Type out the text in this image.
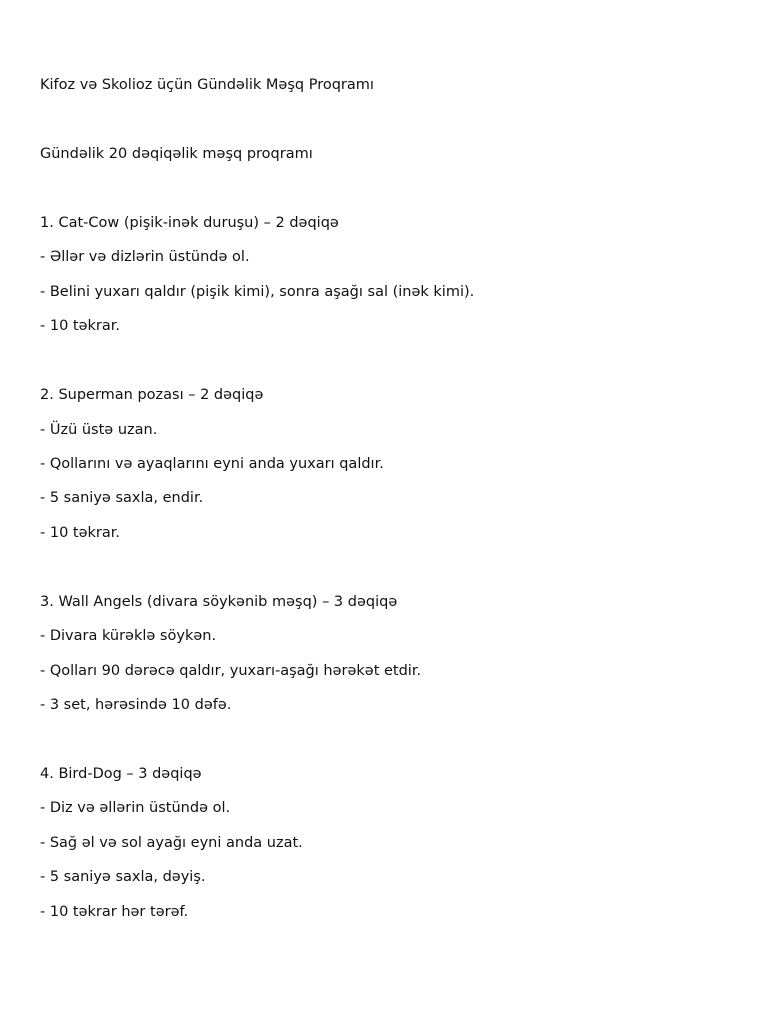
Kifoz və Skolioz üçün Gündəlik Məşq Proqramı

Gündəlik 20 dəqiqəlik məşq proqramı

1. Cat-Cow (pişik-inək duruşu) – 2 dəqiqə

- Əllər və dizlərin üstündə ol.

- Belini yuxarı qaldır (pişik kimi), sonra aşağı sal (inək kimi).

- 10 təkrar.

2. Superman pozası – 2 dəqiqə

- Üzü üstə uzan.

- Qollarını və ayaqlarını eyni anda yuxarı qaldır.

- 5 saniyə saxla, endir.

- 10 təkrar.

3. Wall Angels (divara söykənib məşq) – 3 dəqiqə

- Divara kürəklə söykən.

- Qolları 90 dərəcə qaldır, yuxarı-aşağı hərəkət etdir.

- 3 set, hərəsində 10 dəfə.

4. Bird-Dog – 3 dəqiqə

- Diz və əllərin üstündə ol.

- Sağ əl və sol ayağı eyni anda uzat.

- 5 saniyə saxla, dəyiş.

- 10 təkrar hər tərəf.
